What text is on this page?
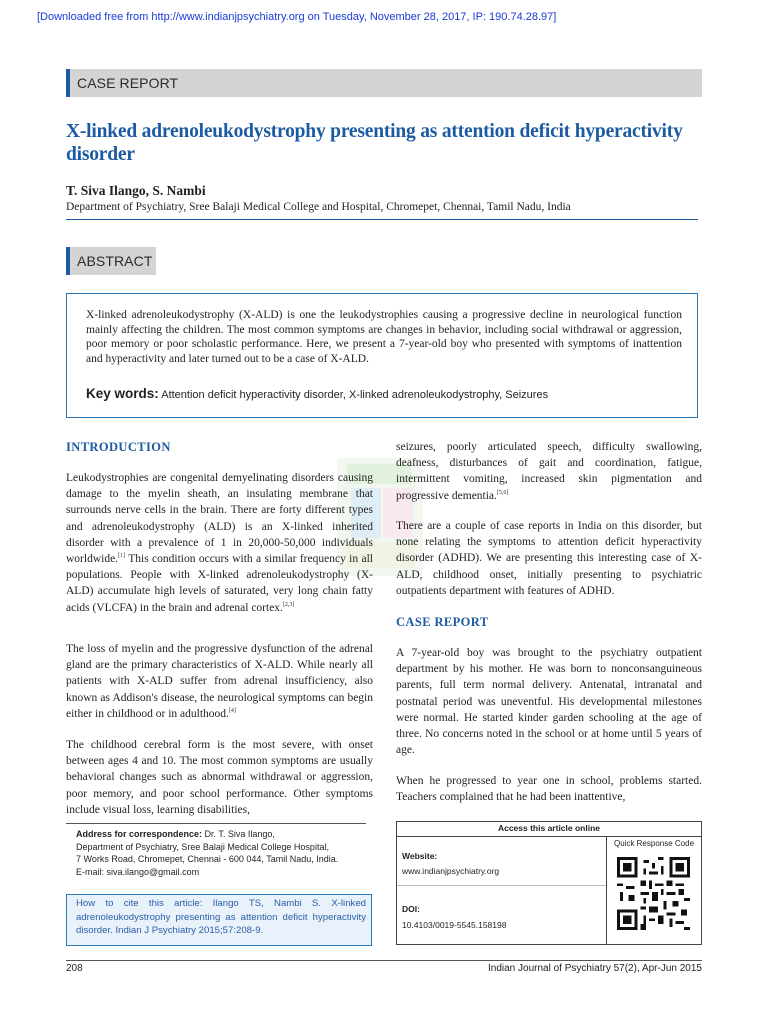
[Downloaded free from http://www.indianjpsychiatry.org on Tuesday, November 28, 2017, IP: 190.74.28.97]
CASE REPORT
X-linked adrenoleukodystrophy presenting as attention deficit hyperactivity disorder
T. Siva Ilango, S. Nambi
Department of Psychiatry, Sree Balaji Medical College and Hospital, Chromepet, Chennai, Tamil Nadu, India
ABSTRACT
X-linked adrenoleukodystrophy (X-ALD) is one the leukodystrophies causing a progressive decline in neurological function mainly affecting the children. The most common symptoms are changes in behavior, including social withdrawal or aggression, poor memory or poor scholastic performance. Here, we present a 7-year-old boy who presented with symptoms of inattention and hyperactivity and later turned out to be a case of X-ALD.
Key words: Attention deficit hyperactivity disorder, X-linked adrenoleukodystrophy, Seizures
INTRODUCTION
Leukodystrophies are congenital demyelinating disorders causing damage to the myelin sheath, an insulating membrane that surrounds nerve cells in the brain. There are forty different types and adrenoleukodystrophy (ALD) is an X-linked inherited disorder with a prevalence of 1 in 20,000-50,000 individuals worldwide.[1] This condition occurs with a similar frequency in all populations. People with X-linked adrenoleukodystrophy (X-ALD) accumulate high levels of saturated, very long chain fatty acids (VLCFA) in the brain and adrenal cortex.[2,3]
The loss of myelin and the progressive dysfunction of the adrenal gland are the primary characteristics of X-ALD. While nearly all patients with X-ALD suffer from adrenal insufficiency, also known as Addison's disease, the neurological symptoms can begin either in childhood or in adulthood.[4]
The childhood cerebral form is the most severe, with onset between ages 4 and 10. The most common symptoms are usually behavioral changes such as abnormal withdrawal or aggression, poor memory, and poor school performance. Other symptoms include visual loss, learning disabilities,
seizures, poorly articulated speech, difficulty swallowing, deafness, disturbances of gait and coordination, fatigue, intermittent vomiting, increased skin pigmentation and progressive dementia.[5,6]
There are a couple of case reports in India on this disorder, but none relating the symptoms to attention deficit hyperactivity disorder (ADHD). We are presenting this interesting case of X-ALD, childhood onset, initially presenting to psychiatric outpatients department with features of ADHD.
CASE REPORT
A 7-year-old boy was brought to the psychiatry outpatient department by his mother. He was born to nonconsanguineous parents, full term normal delivery. Antenatal, intranatal and postnatal period was uneventful. His developmental milestones were normal. He started kinder garden schooling at the age of three. No concerns noted in the school or at home until 5 years of age.
When he progressed to year one in school, problems started. Teachers complained that he had been inattentive,
Address for correspondence: Dr. T. Siva Ilango,
Department of Psychiatry, Sree Balaji Medical College Hospital,
7 Works Road, Chromepet, Chennai - 600 044, Tamil Nadu, India.
E-mail: siva.ilango@gmail.com
How to cite this article: Ilango TS, Nambi S. X-linked adrenoleukodystrophy presenting as attention deficit hyperactivity disorder. Indian J Psychiatry 2015;57:208-9.
Access this article online
Quick Response Code
Website:
www.indianjpsychiatry.org
DOI:
10.4103/0019-5545.158198
208	Indian Journal of Psychiatry 57(2), Apr-Jun 2015
